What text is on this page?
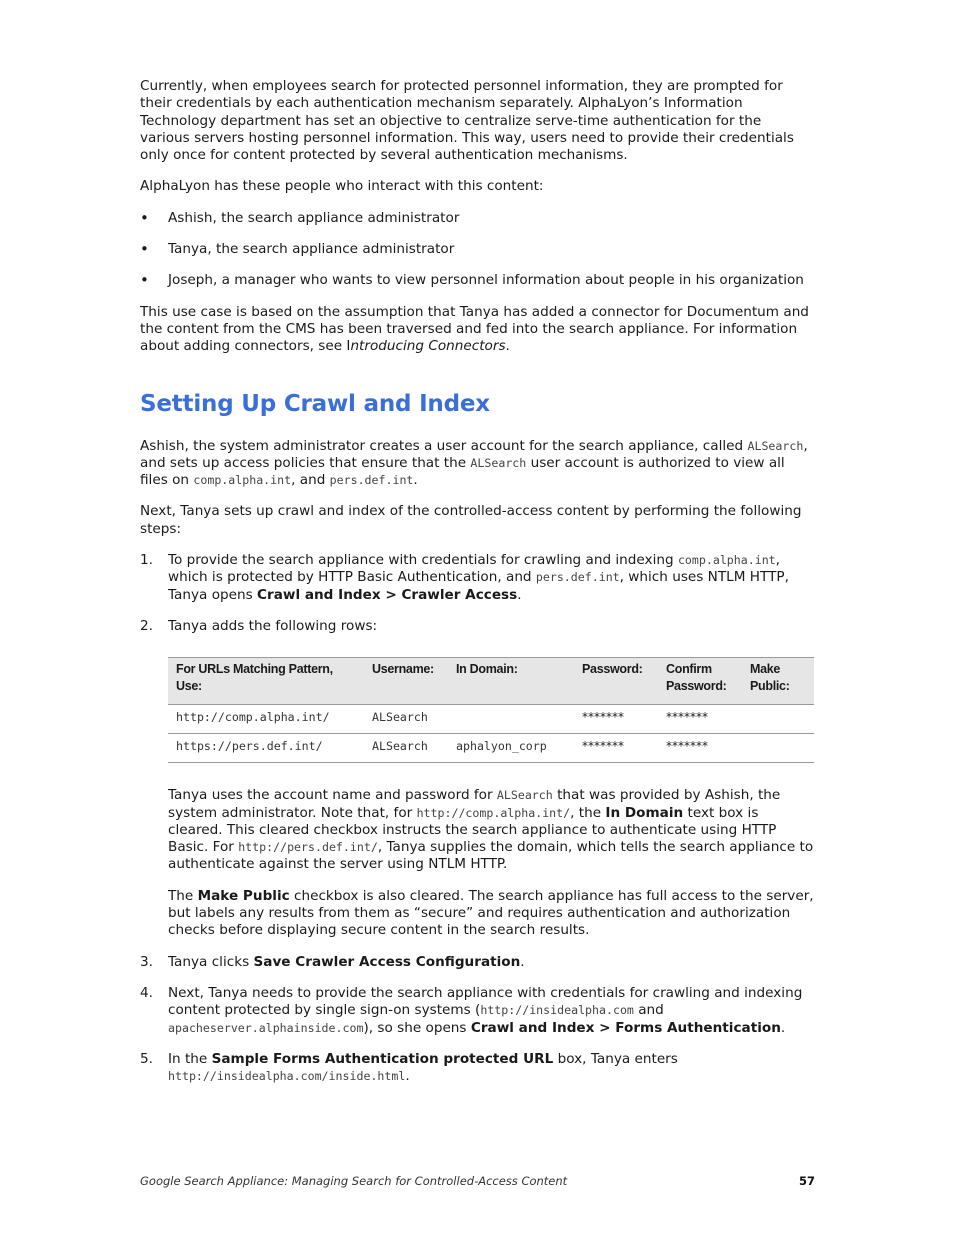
Currently, when employees search for protected personnel information, they are prompted for their credentials by each authentication mechanism separately. AlphaLyon’s Information Technology department has set an objective to centralize serve-time authentication for the various servers hosting personnel information. This way, users need to provide their credentials only once for content protected by several authentication mechanisms.

AlphaLyon has these people who interact with this content:

• Ashish, the search appliance administrator
• Tanya, the search appliance administrator
• Joseph, a manager who wants to view personnel information about people in his organization

This use case is based on the assumption that Tanya has added a connector for Documentum and the content from the CMS has been traversed and fed into the search appliance. For information about adding connectors, see Introducing Connectors.

Setting Up Crawl and Index

Ashish, the system administrator creates a user account for the search appliance, called ALSearch, and sets up access policies that ensure that the ALSearch user account is authorized to view all files on comp.alpha.int, and pers.def.int.

Next, Tanya sets up crawl and index of the controlled-access content by performing the following steps:

1. To provide the search appliance with credentials for crawling and indexing comp.alpha.int, which is protected by HTTP Basic Authentication, and pers.def.int, which uses NTLM HTTP, Tanya opens Crawl and Index > Crawler Access.
2. Tanya adds the following rows:
For URLs Matching Pattern, Use:	Username:	In Domain:	Password:	Confirm Password:	Make Public:
http://comp.alpha.int/	ALSearch		*******	*******	
https://pers.def.int/	ALSearch	aphalyon_corp	*******	*******	

Tanya uses the account name and password for ALSearch that was provided by Ashish, the system administrator. Note that, for http://comp.alpha.int/, the In Domain text box is cleared. This cleared checkbox instructs the search appliance to authenticate using HTTP Basic. For http://pers.def.int/, Tanya supplies the domain, which tells the search appliance to authenticate against the server using NTLM HTTP.

The Make Public checkbox is also cleared. The search appliance has full access to the server, but labels any results from them as “secure” and requires authentication and authorization checks before displaying secure content in the search results.

3. Tanya clicks Save Crawler Access Configuration.
4. Next, Tanya needs to provide the search appliance with credentials for crawling and indexing content protected by single sign-on systems (http://insidealpha.com and apacheserver.alphainside.com), so she opens Crawl and Index > Forms Authentication.
5. In the Sample Forms Authentication protected URL box, Tanya enters http://insidealpha.com/inside.html.
Google Search Appliance: Managing Search for Controlled-Access Content	57
